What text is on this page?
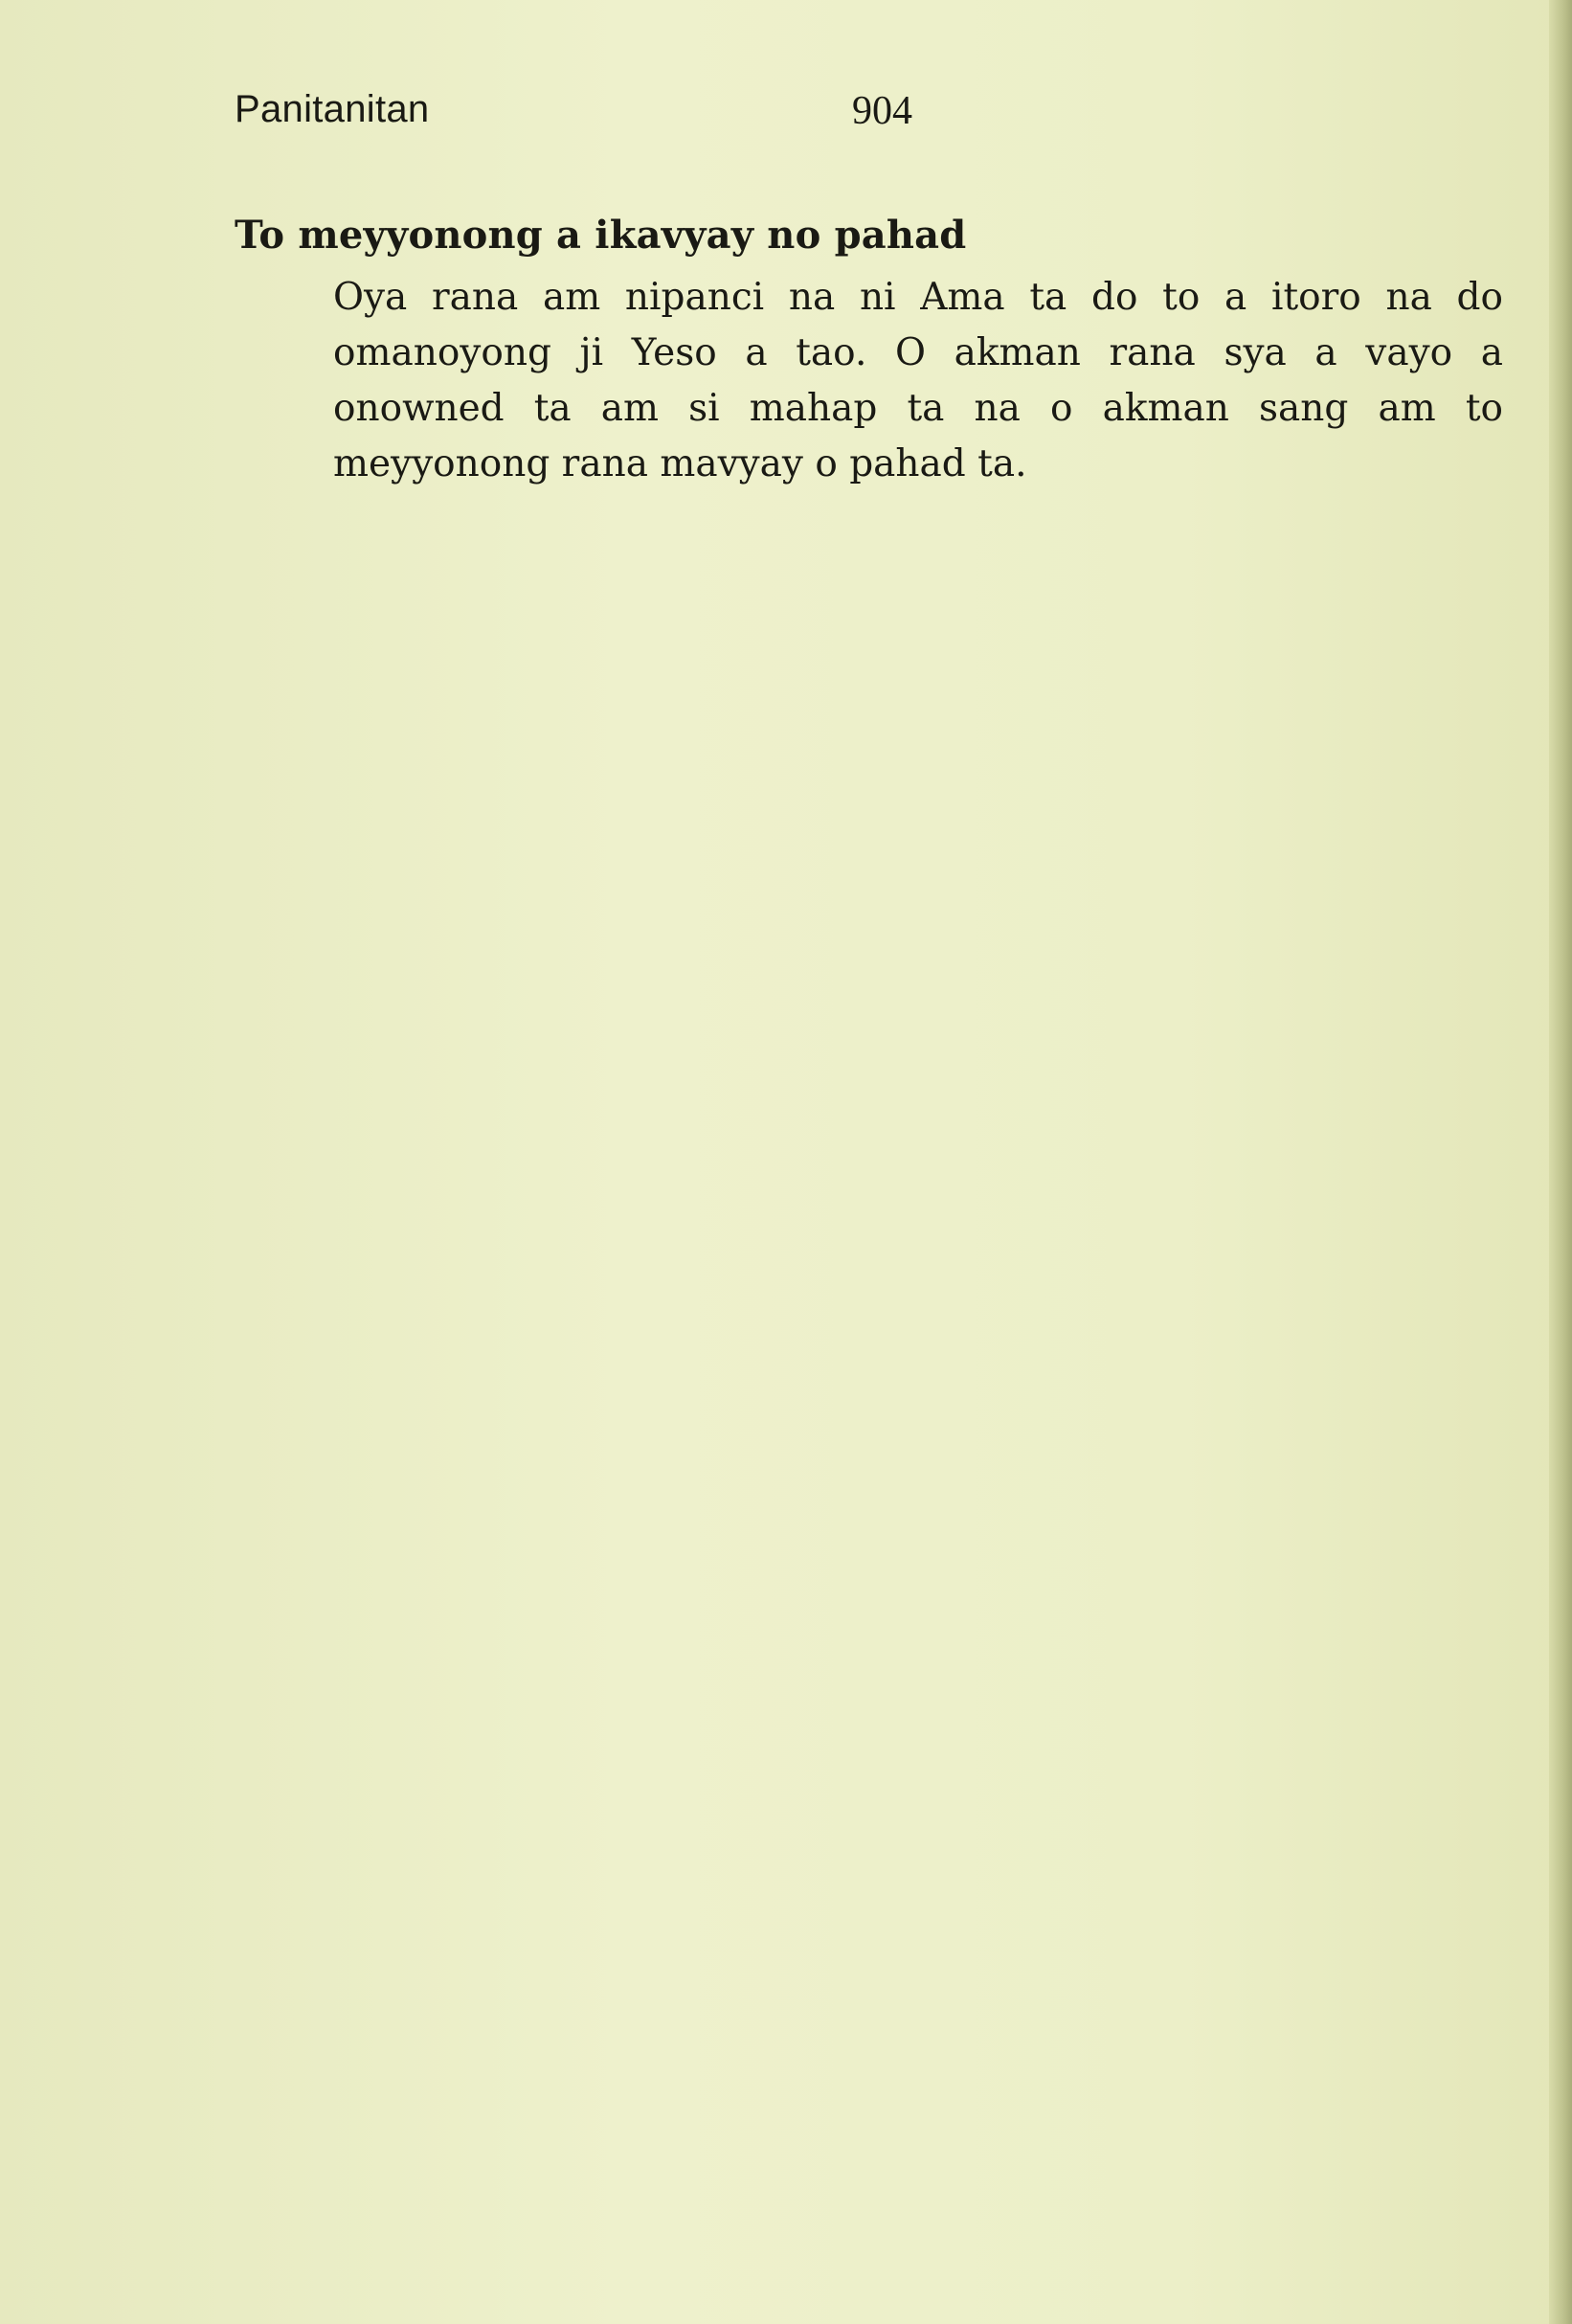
Panitanitan	904
To meyyonong a ikavyay no pahad

Oya rana am nipanci na ni Ama ta do to a itoro na do omanoyong ji Yeso a tao. O akman rana sya a vayo a onowned ta am si mahap ta na o akman sang am to meyyonong rana mavyay o pahad ta.
